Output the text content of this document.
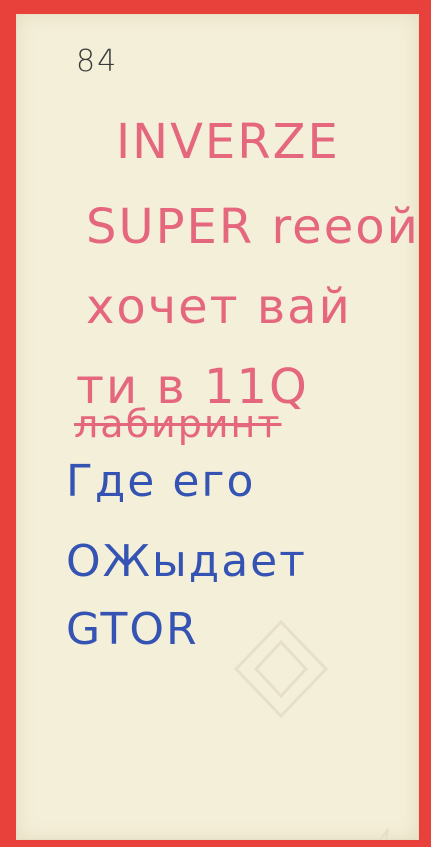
84
INVERZE
SUPER reeoй
хочет вай
ти в 11Q
лабиринт
Где его
ОЖыдает
GTOR
